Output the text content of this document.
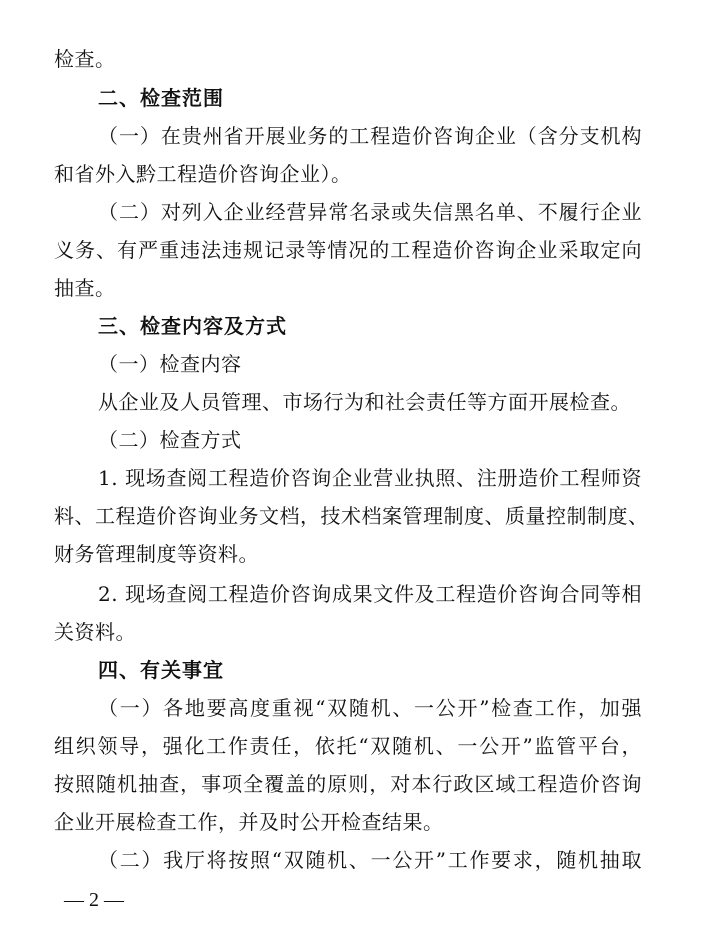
检查。
二、检查范围
（一）在贵州省开展业务的工程造价咨询企业（含分支机构
和省外入黔工程造价咨询企业）。
（二）对列入企业经营异常名录或失信黑名单、不履行企业
义务、有严重违法违规记录等情况的工程造价咨询企业采取定向
抽查。
三、检查内容及方式
（一）检查内容
从企业及人员管理、市场行为和社会责任等方面开展检查。
（二）检查方式
1. 现场查阅工程造价咨询企业营业执照、注册造价工程师资
料、工程造价咨询业务文档，技术档案管理制度、质量控制制度、
财务管理制度等资料。
2. 现场查阅工程造价咨询成果文件及工程造价咨询合同等相
关资料。
四、有关事宜
（一）各地要高度重视“双随机、一公开”检查工作，加强
组织领导，强化工作责任，依托“双随机、一公开”监管平台，
按照随机抽查，事项全覆盖的原则，对本行政区域工程造价咨询
企业开展检查工作，并及时公开检查结果。
（二）我厅将按照“双随机、一公开”工作要求，随机抽取
— 2 —
